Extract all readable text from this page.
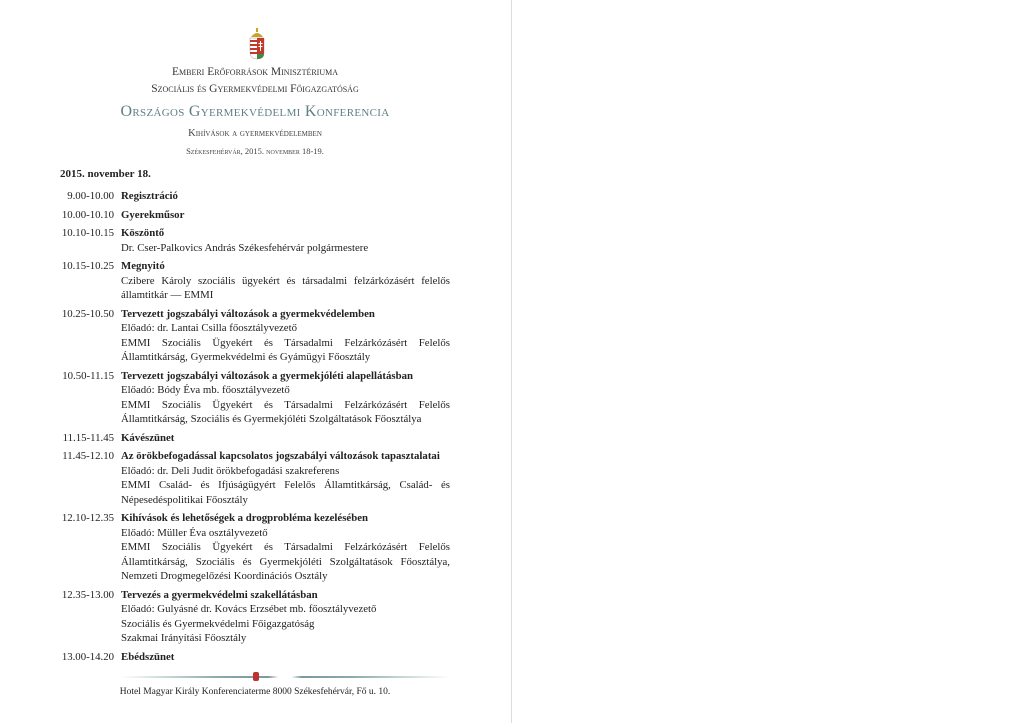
Emberi Erőforrások Minisztériuma
Szociális és Gyermekvédelmi Főigazgatóság
Országos Gyermekvédelmi Konferencia
Kihívások a gyermekvédelemben
Székesfehérvár, 2015. november 18-19.
2015. november 18.
9.00-10.00 Regisztráció
10.00-10.10 Gyerekműsor
10.10-10.15 Köszöntő
Dr. Cser-Palkovics András Székesfehérvár polgármestere
10.15-10.25 Megnyitó
Czibere Károly szociális ügyekért és társadalmi felzárkózásért felelős államtitkár — EMMI
10.25-10.50 Tervezett jogszabályi változások a gyermekvédelemben
Előadó: dr. Lantai Csilla főosztályvezető
EMMI Szociális Ügyekért és Társadalmi Felzárkózásért Felelős Államtitkárság, Gyermekvédelmi és Gyámügyi Főosztály
10.50-11.15 Tervezett jogszabályi változások a gyermekjóléti alapellátásban
Előadó: Bódy Éva mb. főosztályvezető
EMMI Szociális Ügyekért és Társadalmi Felzárkózásért Felelős Államtitkárság, Szociális és Gyermekjóléti Szolgáltatások Főosztálya
11.15-11.45 Kávészünet
11.45-12.10 Az örökbefogadással kapcsolatos jogszabályi változások tapasztalatai
Előadó: dr. Deli Judit örökbefogadási szakreferens
EMMI Család- és Ifjúságügyért Felelős Államtitkárság, Család- és Népesedéspolitikai Főosztály
12.10-12.35 Kihívások és lehetőségek a drogprobléma kezelésében
Előadó: Müller Éva osztályvezető
EMMI Szociális Ügyekért és Társadalmi Felzárkózásért Felelős Államtitkárság, Szociális és Gyermekjóléti Szolgáltatások Főosztálya, Nemzeti Drogmegelőzési Koordinációs Osztály
12.35-13.00 Tervezés a gyermekvédelmi szakellátásban
Előadó: Gulyásné dr. Kovács Erzsébet mb. főosztályvezető
Szociális és Gyermekvédelmi Főigazgatóság
Szakmai Irányítási Főosztály
13.00-14.20 Ebédszünet
Hotel Magyar Király Konferenciaterme 8000 Székesfehérvár, Fő u. 10.
